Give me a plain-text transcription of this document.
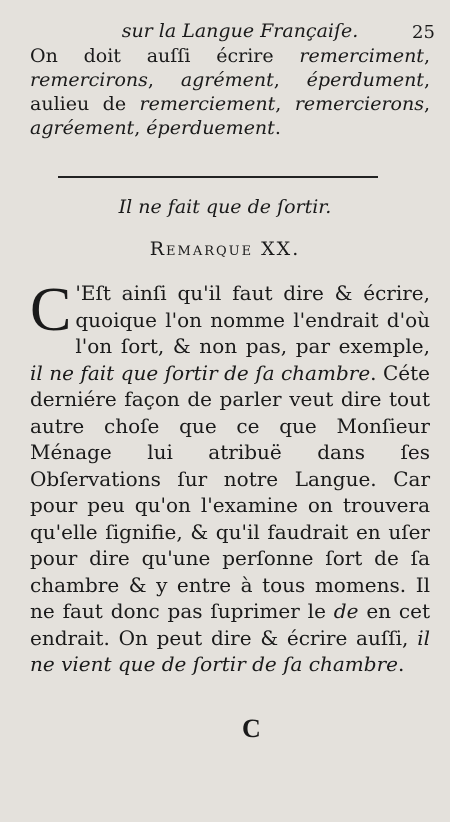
sur la Langue Françaiſe.	25

On doit auſſi écrire remerciment, remercirons, agrément, éperdument, aulieu de remerciement, remercierons, agréement, éperduement.

Il ne fait que de ſortir.
Remarque XX.
C 'Eſt ainſi qu'il faut dire & écrire, quoique l'on nomme l'endrait d'où l'on ſort, & non pas, par exemple, il ne fait que ſortir de ſa chambre. Céte derniére façon de parler veut dire tout autre choſe que ce que Monſieur Ménage lui atribuë dans ſes Obſervations ſur notre Langue. Car pour peu qu'on l'examine on trouvera qu'elle ſignifie, & qu'il faudrait en uſer pour dire qu'une perſonne ſort de ſa chambre & y entre à tous momens. Il ne faut donc pas ſuprimer le de en cet endrait. On peut dire & écrire auſſi, il ne vient que de ſortir de ſa chambre.
C
